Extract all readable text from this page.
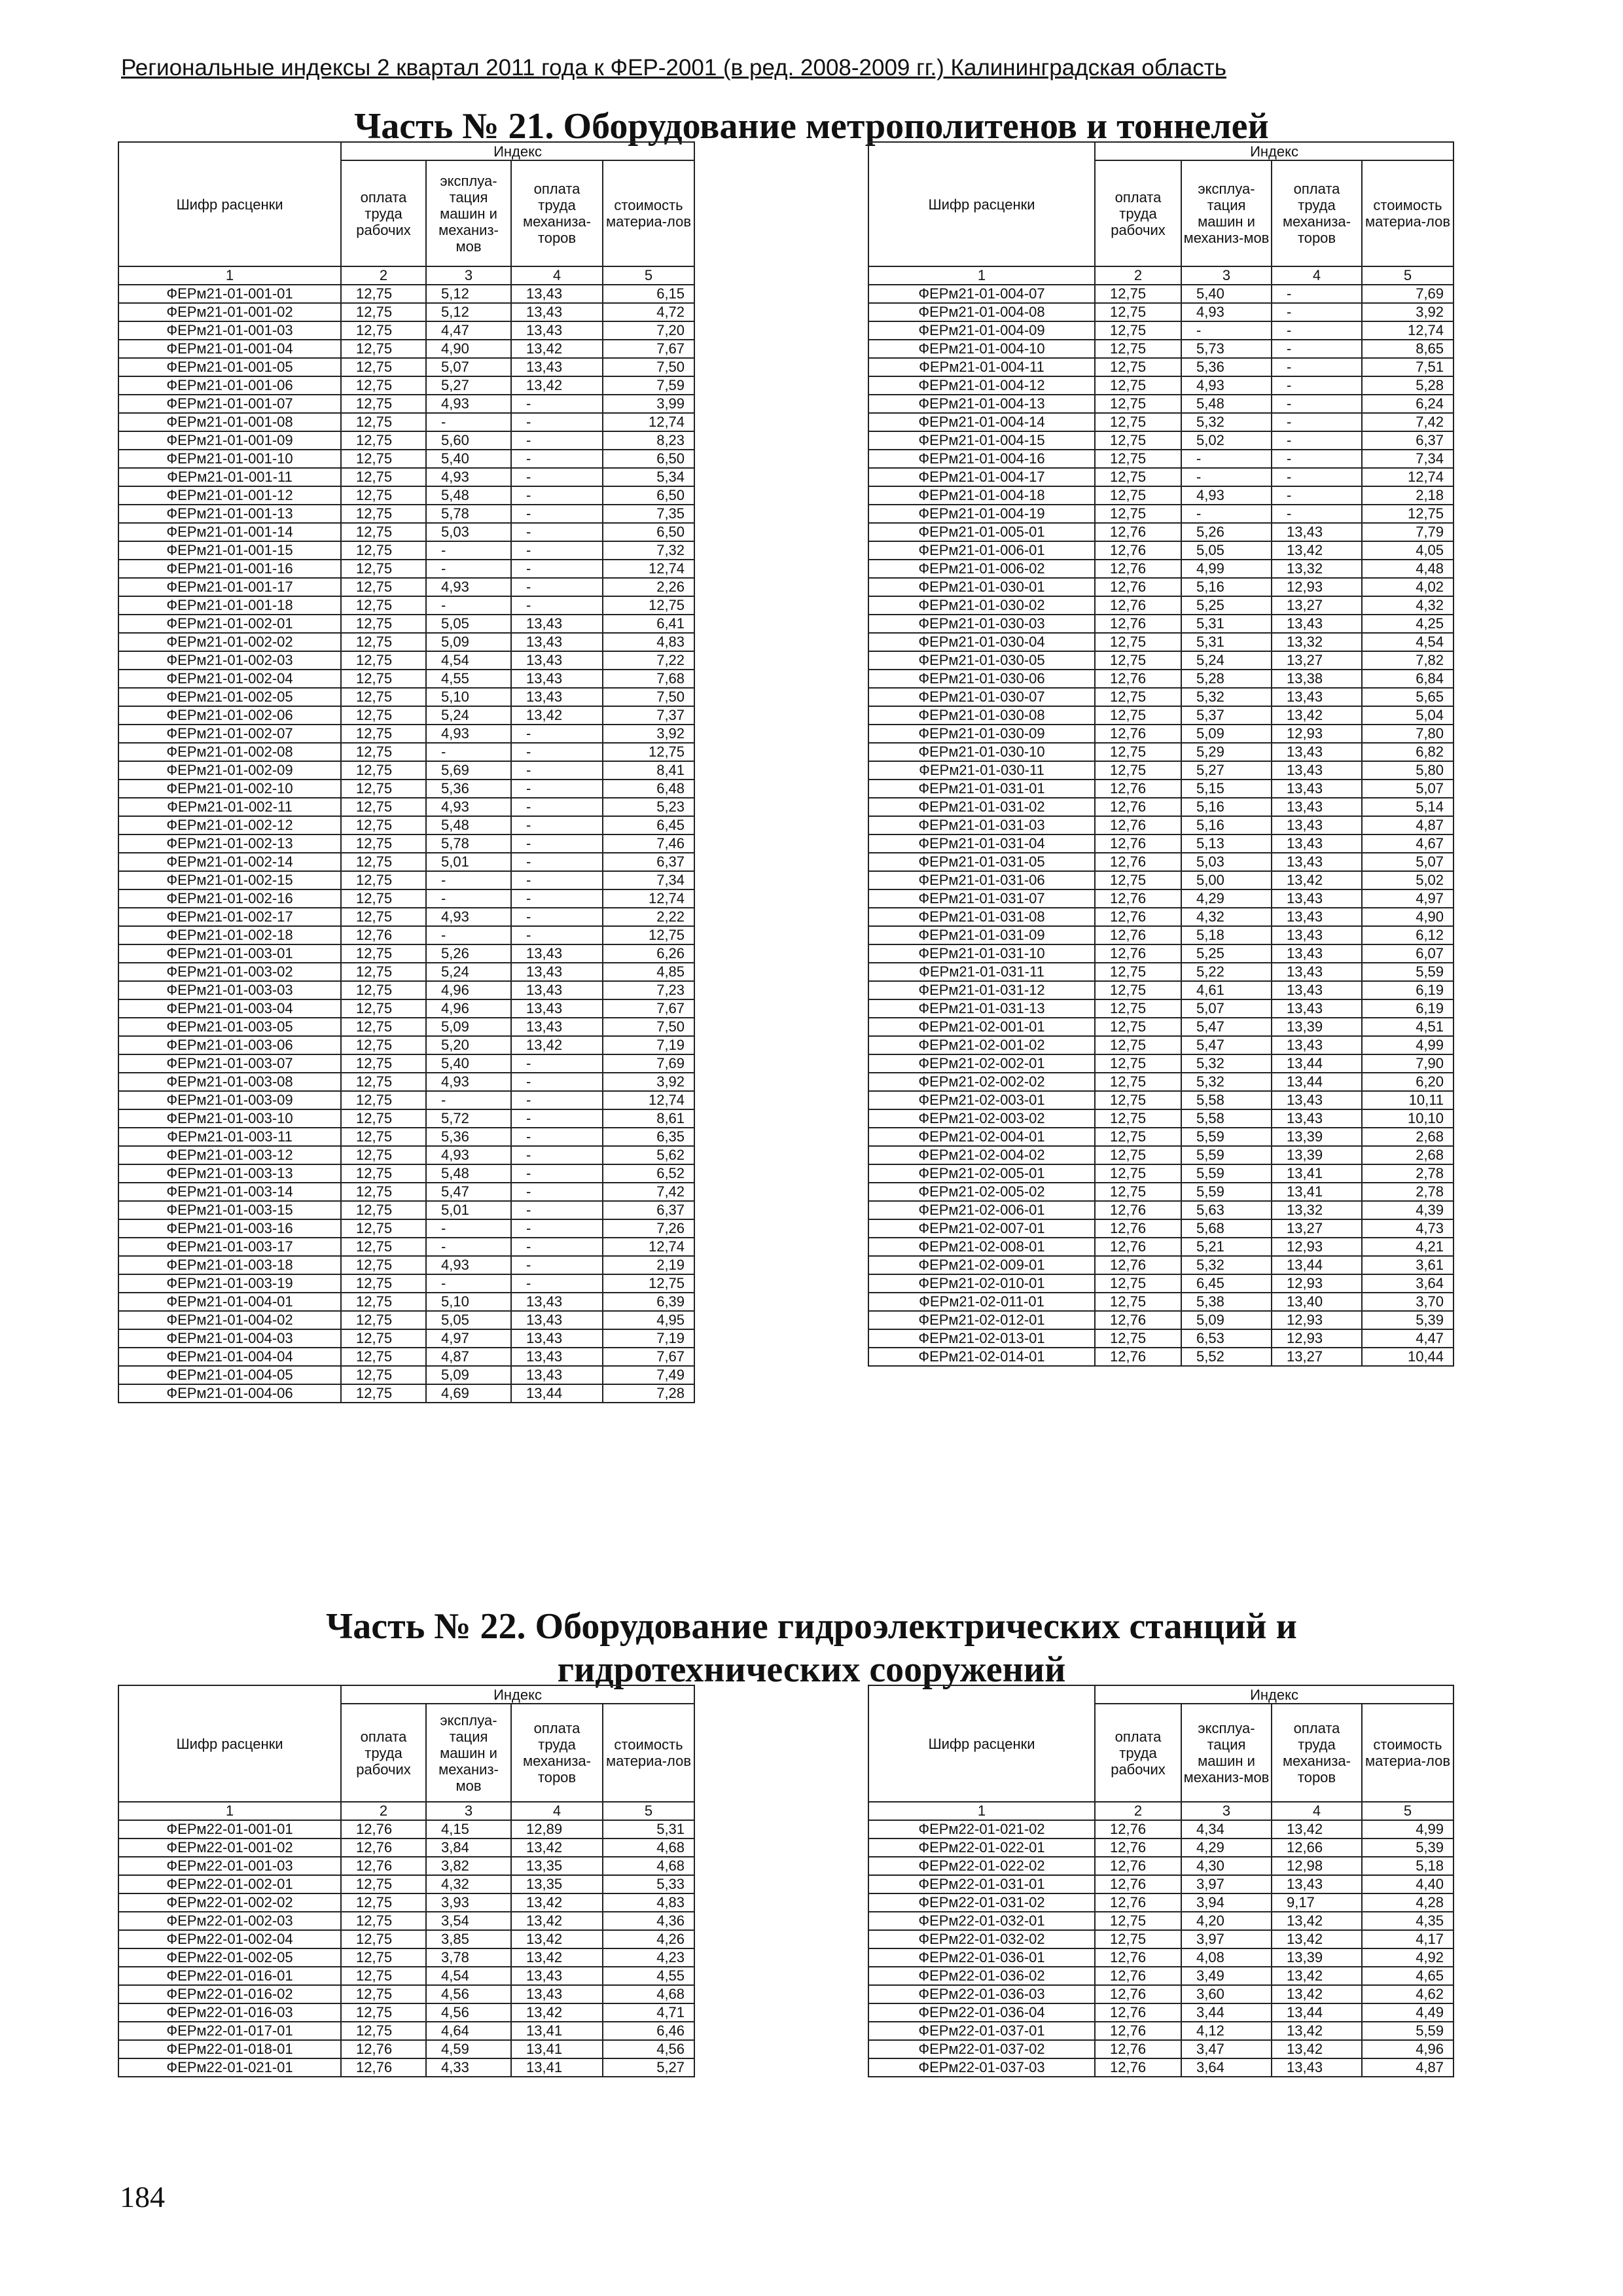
Региональные индексы 2 квартал 2011 года к ФЕР-2001 (в ред. 2008-2009 гг.) Калининградская область
Часть № 21. Оборудование метрополитенов и тоннелей
Шифр расценки	Индекс			
	оплата труда рабочих	эксплуа-тация машин и механиз-мов	оплата труда механиза-торов	стоимость материа-лов
1	2	3	4	5
ФЕРм21-01-001-01	12,75	5,12	13,43	6,15
ФЕРм21-01-001-02	12,75	5,12	13,43	4,72
ФЕРм21-01-001-03	12,75	4,47	13,43	7,20
ФЕРм21-01-001-04	12,75	4,90	13,42	7,67
ФЕРм21-01-001-05	12,75	5,07	13,43	7,50
ФЕРм21-01-001-06	12,75	5,27	13,42	7,59
ФЕРм21-01-001-07	12,75	4,93	-	3,99
ФЕРм21-01-001-08	12,75	-	-	12,74
ФЕРм21-01-001-09	12,75	5,60	-	8,23
ФЕРм21-01-001-10	12,75	5,40	-	6,50
ФЕРм21-01-001-11	12,75	4,93	-	5,34
ФЕРм21-01-001-12	12,75	5,48	-	6,50
ФЕРм21-01-001-13	12,75	5,78	-	7,35
ФЕРм21-01-001-14	12,75	5,03	-	6,50
ФЕРм21-01-001-15	12,75	-	-	7,32
ФЕРм21-01-001-16	12,75	-	-	12,74
ФЕРм21-01-001-17	12,75	4,93	-	2,26
ФЕРм21-01-001-18	12,75	-	-	12,75
ФЕРм21-01-002-01	12,75	5,05	13,43	6,41
ФЕРм21-01-002-02	12,75	5,09	13,43	4,83
ФЕРм21-01-002-03	12,75	4,54	13,43	7,22
ФЕРм21-01-002-04	12,75	4,55	13,43	7,68
ФЕРм21-01-002-05	12,75	5,10	13,43	7,50
ФЕРм21-01-002-06	12,75	5,24	13,42	7,37
ФЕРм21-01-002-07	12,75	4,93	-	3,92
ФЕРм21-01-002-08	12,75	-	-	12,75
ФЕРм21-01-002-09	12,75	5,69	-	8,41
ФЕРм21-01-002-10	12,75	5,36	-	6,48
ФЕРм21-01-002-11	12,75	4,93	-	5,23
ФЕРм21-01-002-12	12,75	5,48	-	6,45
ФЕРм21-01-002-13	12,75	5,78	-	7,46
ФЕРм21-01-002-14	12,75	5,01	-	6,37
ФЕРм21-01-002-15	12,75	-	-	7,34
ФЕРм21-01-002-16	12,75	-	-	12,74
ФЕРм21-01-002-17	12,75	4,93	-	2,22
ФЕРм21-01-002-18	12,76	-	-	12,75
ФЕРм21-01-003-01	12,75	5,26	13,43	6,26
ФЕРм21-01-003-02	12,75	5,24	13,43	4,85
ФЕРм21-01-003-03	12,75	4,96	13,43	7,23
ФЕРм21-01-003-04	12,75	4,96	13,43	7,67
ФЕРм21-01-003-05	12,75	5,09	13,43	7,50
ФЕРм21-01-003-06	12,75	5,20	13,42	7,19
ФЕРм21-01-003-07	12,75	5,40	-	7,69
ФЕРм21-01-003-08	12,75	4,93	-	3,92
ФЕРм21-01-003-09	12,75	-	-	12,74
ФЕРм21-01-003-10	12,75	5,72	-	8,61
ФЕРм21-01-003-11	12,75	5,36	-	6,35
ФЕРм21-01-003-12	12,75	4,93	-	5,62
ФЕРм21-01-003-13	12,75	5,48	-	6,52
ФЕРм21-01-003-14	12,75	5,47	-	7,42
ФЕРм21-01-003-15	12,75	5,01	-	6,37
ФЕРм21-01-003-16	12,75	-	-	7,26
ФЕРм21-01-003-17	12,75	-	-	12,74
ФЕРм21-01-003-18	12,75	4,93	-	2,19
ФЕРм21-01-003-19	12,75	-	-	12,75
ФЕРм21-01-004-01	12,75	5,10	13,43	6,39
ФЕРм21-01-004-02	12,75	5,05	13,43	4,95
ФЕРм21-01-004-03	12,75	4,97	13,43	7,19
ФЕРм21-01-004-04	12,75	4,87	13,43	7,67
ФЕРм21-01-004-05	12,75	5,09	13,43	7,49
ФЕРм21-01-004-06	12,75	4,69	13,44	7,28
Шифр расценки	Индекс			
	оплата труда рабочих	эксплуа-тация машин и механиз-мов	оплата труда механиза-торов	стоимость материа-лов
1	2	3	4	5
ФЕРм21-01-004-07	12,75	5,40	-	7,69
ФЕРм21-01-004-08	12,75	4,93	-	3,92
ФЕРм21-01-004-09	12,75	-	-	12,74
ФЕРм21-01-004-10	12,75	5,73	-	8,65
ФЕРм21-01-004-11	12,75	5,36	-	7,51
ФЕРм21-01-004-12	12,75	4,93	-	5,28
ФЕРм21-01-004-13	12,75	5,48	-	6,24
ФЕРм21-01-004-14	12,75	5,32	-	7,42
ФЕРм21-01-004-15	12,75	5,02	-	6,37
ФЕРм21-01-004-16	12,75	-	-	7,34
ФЕРм21-01-004-17	12,75	-	-	12,74
ФЕРм21-01-004-18	12,75	4,93	-	2,18
ФЕРм21-01-004-19	12,75	-	-	12,75
ФЕРм21-01-005-01	12,76	5,26	13,43	7,79
ФЕРм21-01-006-01	12,76	5,05	13,42	4,05
ФЕРм21-01-006-02	12,76	4,99	13,32	4,48
ФЕРм21-01-030-01	12,76	5,16	12,93	4,02
ФЕРм21-01-030-02	12,76	5,25	13,27	4,32
ФЕРм21-01-030-03	12,76	5,31	13,43	4,25
ФЕРм21-01-030-04	12,75	5,31	13,32	4,54
ФЕРм21-01-030-05	12,75	5,24	13,27	7,82
ФЕРм21-01-030-06	12,76	5,28	13,38	6,84
ФЕРм21-01-030-07	12,75	5,32	13,43	5,65
ФЕРм21-01-030-08	12,75	5,37	13,42	5,04
ФЕРм21-01-030-09	12,76	5,09	12,93	7,80
ФЕРм21-01-030-10	12,75	5,29	13,43	6,82
ФЕРм21-01-030-11	12,75	5,27	13,43	5,80
ФЕРм21-01-031-01	12,76	5,15	13,43	5,07
ФЕРм21-01-031-02	12,76	5,16	13,43	5,14
ФЕРм21-01-031-03	12,76	5,16	13,43	4,87
ФЕРм21-01-031-04	12,76	5,13	13,43	4,67
ФЕРм21-01-031-05	12,76	5,03	13,43	5,07
ФЕРм21-01-031-06	12,75	5,00	13,42	5,02
ФЕРм21-01-031-07	12,76	4,29	13,43	4,97
ФЕРм21-01-031-08	12,76	4,32	13,43	4,90
ФЕРм21-01-031-09	12,76	5,18	13,43	6,12
ФЕРм21-01-031-10	12,76	5,25	13,43	6,07
ФЕРм21-01-031-11	12,75	5,22	13,43	5,59
ФЕРм21-01-031-12	12,75	4,61	13,43	6,19
ФЕРм21-01-031-13	12,75	5,07	13,43	6,19
ФЕРм21-02-001-01	12,75	5,47	13,39	4,51
ФЕРм21-02-001-02	12,75	5,47	13,43	4,99
ФЕРм21-02-002-01	12,75	5,32	13,44	7,90
ФЕРм21-02-002-02	12,75	5,32	13,44	6,20
ФЕРм21-02-003-01	12,75	5,58	13,43	10,11
ФЕРм21-02-003-02	12,75	5,58	13,43	10,10
ФЕРм21-02-004-01	12,75	5,59	13,39	2,68
ФЕРм21-02-004-02	12,75	5,59	13,39	2,68
ФЕРм21-02-005-01	12,75	5,59	13,41	2,78
ФЕРм21-02-005-02	12,75	5,59	13,41	2,78
ФЕРм21-02-006-01	12,76	5,63	13,32	4,39
ФЕРм21-02-007-01	12,76	5,68	13,27	4,73
ФЕРм21-02-008-01	12,76	5,21	12,93	4,21
ФЕРм21-02-009-01	12,76	5,32	13,44	3,61
ФЕРм21-02-010-01	12,75	6,45	12,93	3,64
ФЕРм21-02-011-01	12,75	5,38	13,40	3,70
ФЕРм21-02-012-01	12,76	5,09	12,93	5,39
ФЕРм21-02-013-01	12,75	6,53	12,93	4,47
ФЕРм21-02-014-01	12,76	5,52	13,27	10,44
Часть № 22. Оборудование гидроэлектрических станций и
гидротехнических сооружений
Шифр расценки	Индекс			
	оплата труда рабочих	эксплуа-тация машин и механиз-мов	оплата труда механиза-торов	стоимость материа-лов
1	2	3	4	5
ФЕРм22-01-001-01	12,76	4,15	12,89	5,31
ФЕРм22-01-001-02	12,76	3,84	13,42	4,68
ФЕРм22-01-001-03	12,76	3,82	13,35	4,68
ФЕРм22-01-002-01	12,75	4,32	13,35	5,33
ФЕРм22-01-002-02	12,75	3,93	13,42	4,83
ФЕРм22-01-002-03	12,75	3,54	13,42	4,36
ФЕРм22-01-002-04	12,75	3,85	13,42	4,26
ФЕРм22-01-002-05	12,75	3,78	13,42	4,23
ФЕРм22-01-016-01	12,75	4,54	13,43	4,55
ФЕРм22-01-016-02	12,75	4,56	13,43	4,68
ФЕРм22-01-016-03	12,75	4,56	13,42	4,71
ФЕРм22-01-017-01	12,75	4,64	13,41	6,46
ФЕРм22-01-018-01	12,76	4,59	13,41	4,56
ФЕРм22-01-021-01	12,76	4,33	13,41	5,27
Шифр расценки	Индекс			
	оплата труда рабочих	эксплуа-тация машин и механиз-мов	оплата труда механиза-торов	стоимость материа-лов
1	2	3	4	5
ФЕРм22-01-021-02	12,76	4,34	13,42	4,99
ФЕРм22-01-022-01	12,76	4,29	12,66	5,39
ФЕРм22-01-022-02	12,76	4,30	12,98	5,18
ФЕРм22-01-031-01	12,76	3,97	13,43	4,40
ФЕРм22-01-031-02	12,76	3,94	9,17	4,28
ФЕРм22-01-032-01	12,75	4,20	13,42	4,35
ФЕРм22-01-032-02	12,75	3,97	13,42	4,17
ФЕРм22-01-036-01	12,76	4,08	13,39	4,92
ФЕРм22-01-036-02	12,76	3,49	13,42	4,65
ФЕРм22-01-036-03	12,76	3,60	13,42	4,62
ФЕРм22-01-036-04	12,76	3,44	13,44	4,49
ФЕРм22-01-037-01	12,76	4,12	13,42	5,59
ФЕРм22-01-037-02	12,76	3,47	13,42	4,96
ФЕРм22-01-037-03	12,76	3,64	13,43	4,87
184
